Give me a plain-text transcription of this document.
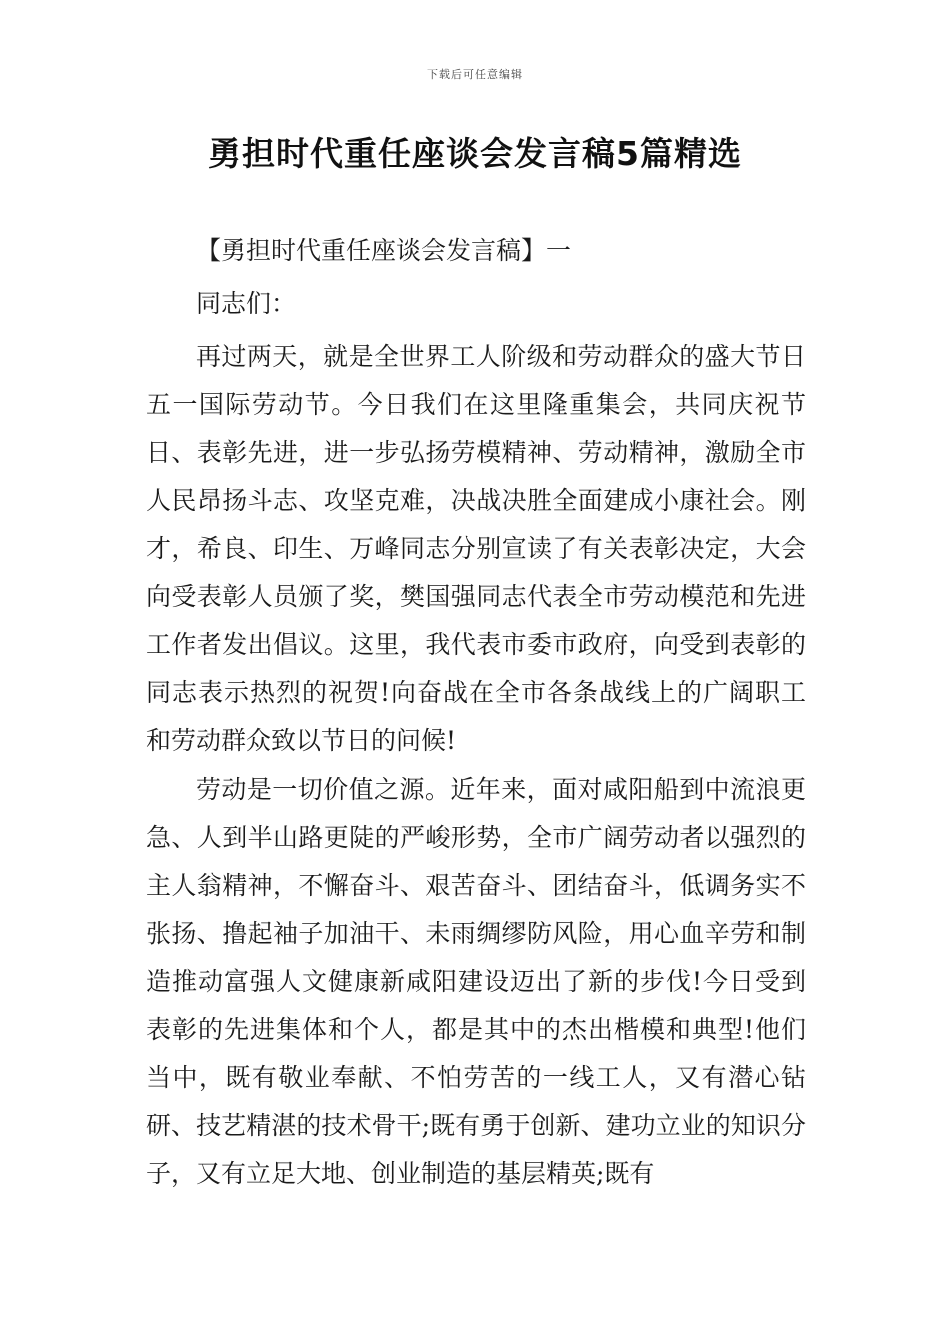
下载后可任意编辑
勇担时代重任座谈会发言稿5篇精选

【勇担时代重任座谈会发言稿】一

同志们：

再过两天，就是全世界工人阶级和劳动群众的盛大节日五一国际劳动节。今日我们在这里隆重集会，共同庆祝节日、表彰先进，进一步弘扬劳模精神、劳动精神，激励全市人民昂扬斗志、攻坚克难，决战决胜全面建成小康社会。刚才，希良、印生、万峰同志分别宣读了有关表彰决定，大会向受表彰人员颁了奖，樊国强同志代表全市劳动模范和先进工作者发出倡议。这里，我代表市委市政府，向受到表彰的同志表示热烈的祝贺!向奋战在全市各条战线上的广阔职工和劳动群众致以节日的问候!

劳动是一切价值之源。近年来，面对咸阳船到中流浪更急、人到半山路更陡的严峻形势，全市广阔劳动者以强烈的主人翁精神，不懈奋斗、艰苦奋斗、团结奋斗，低调务实不张扬、撸起袖子加油干、未雨绸缪防风险，用心血辛劳和制造推动富强人文健康新咸阳建设迈出了新的步伐!今日受到表彰的先进集体和个人，都是其中的杰出楷模和典型!他们当中，既有敬业奉献、不怕劳苦的一线工人，又有潜心钻研、技艺精湛的技术骨干;既有勇于创新、建功立业的知识分子，又有立足大地、创业制造的基层精英;既有
